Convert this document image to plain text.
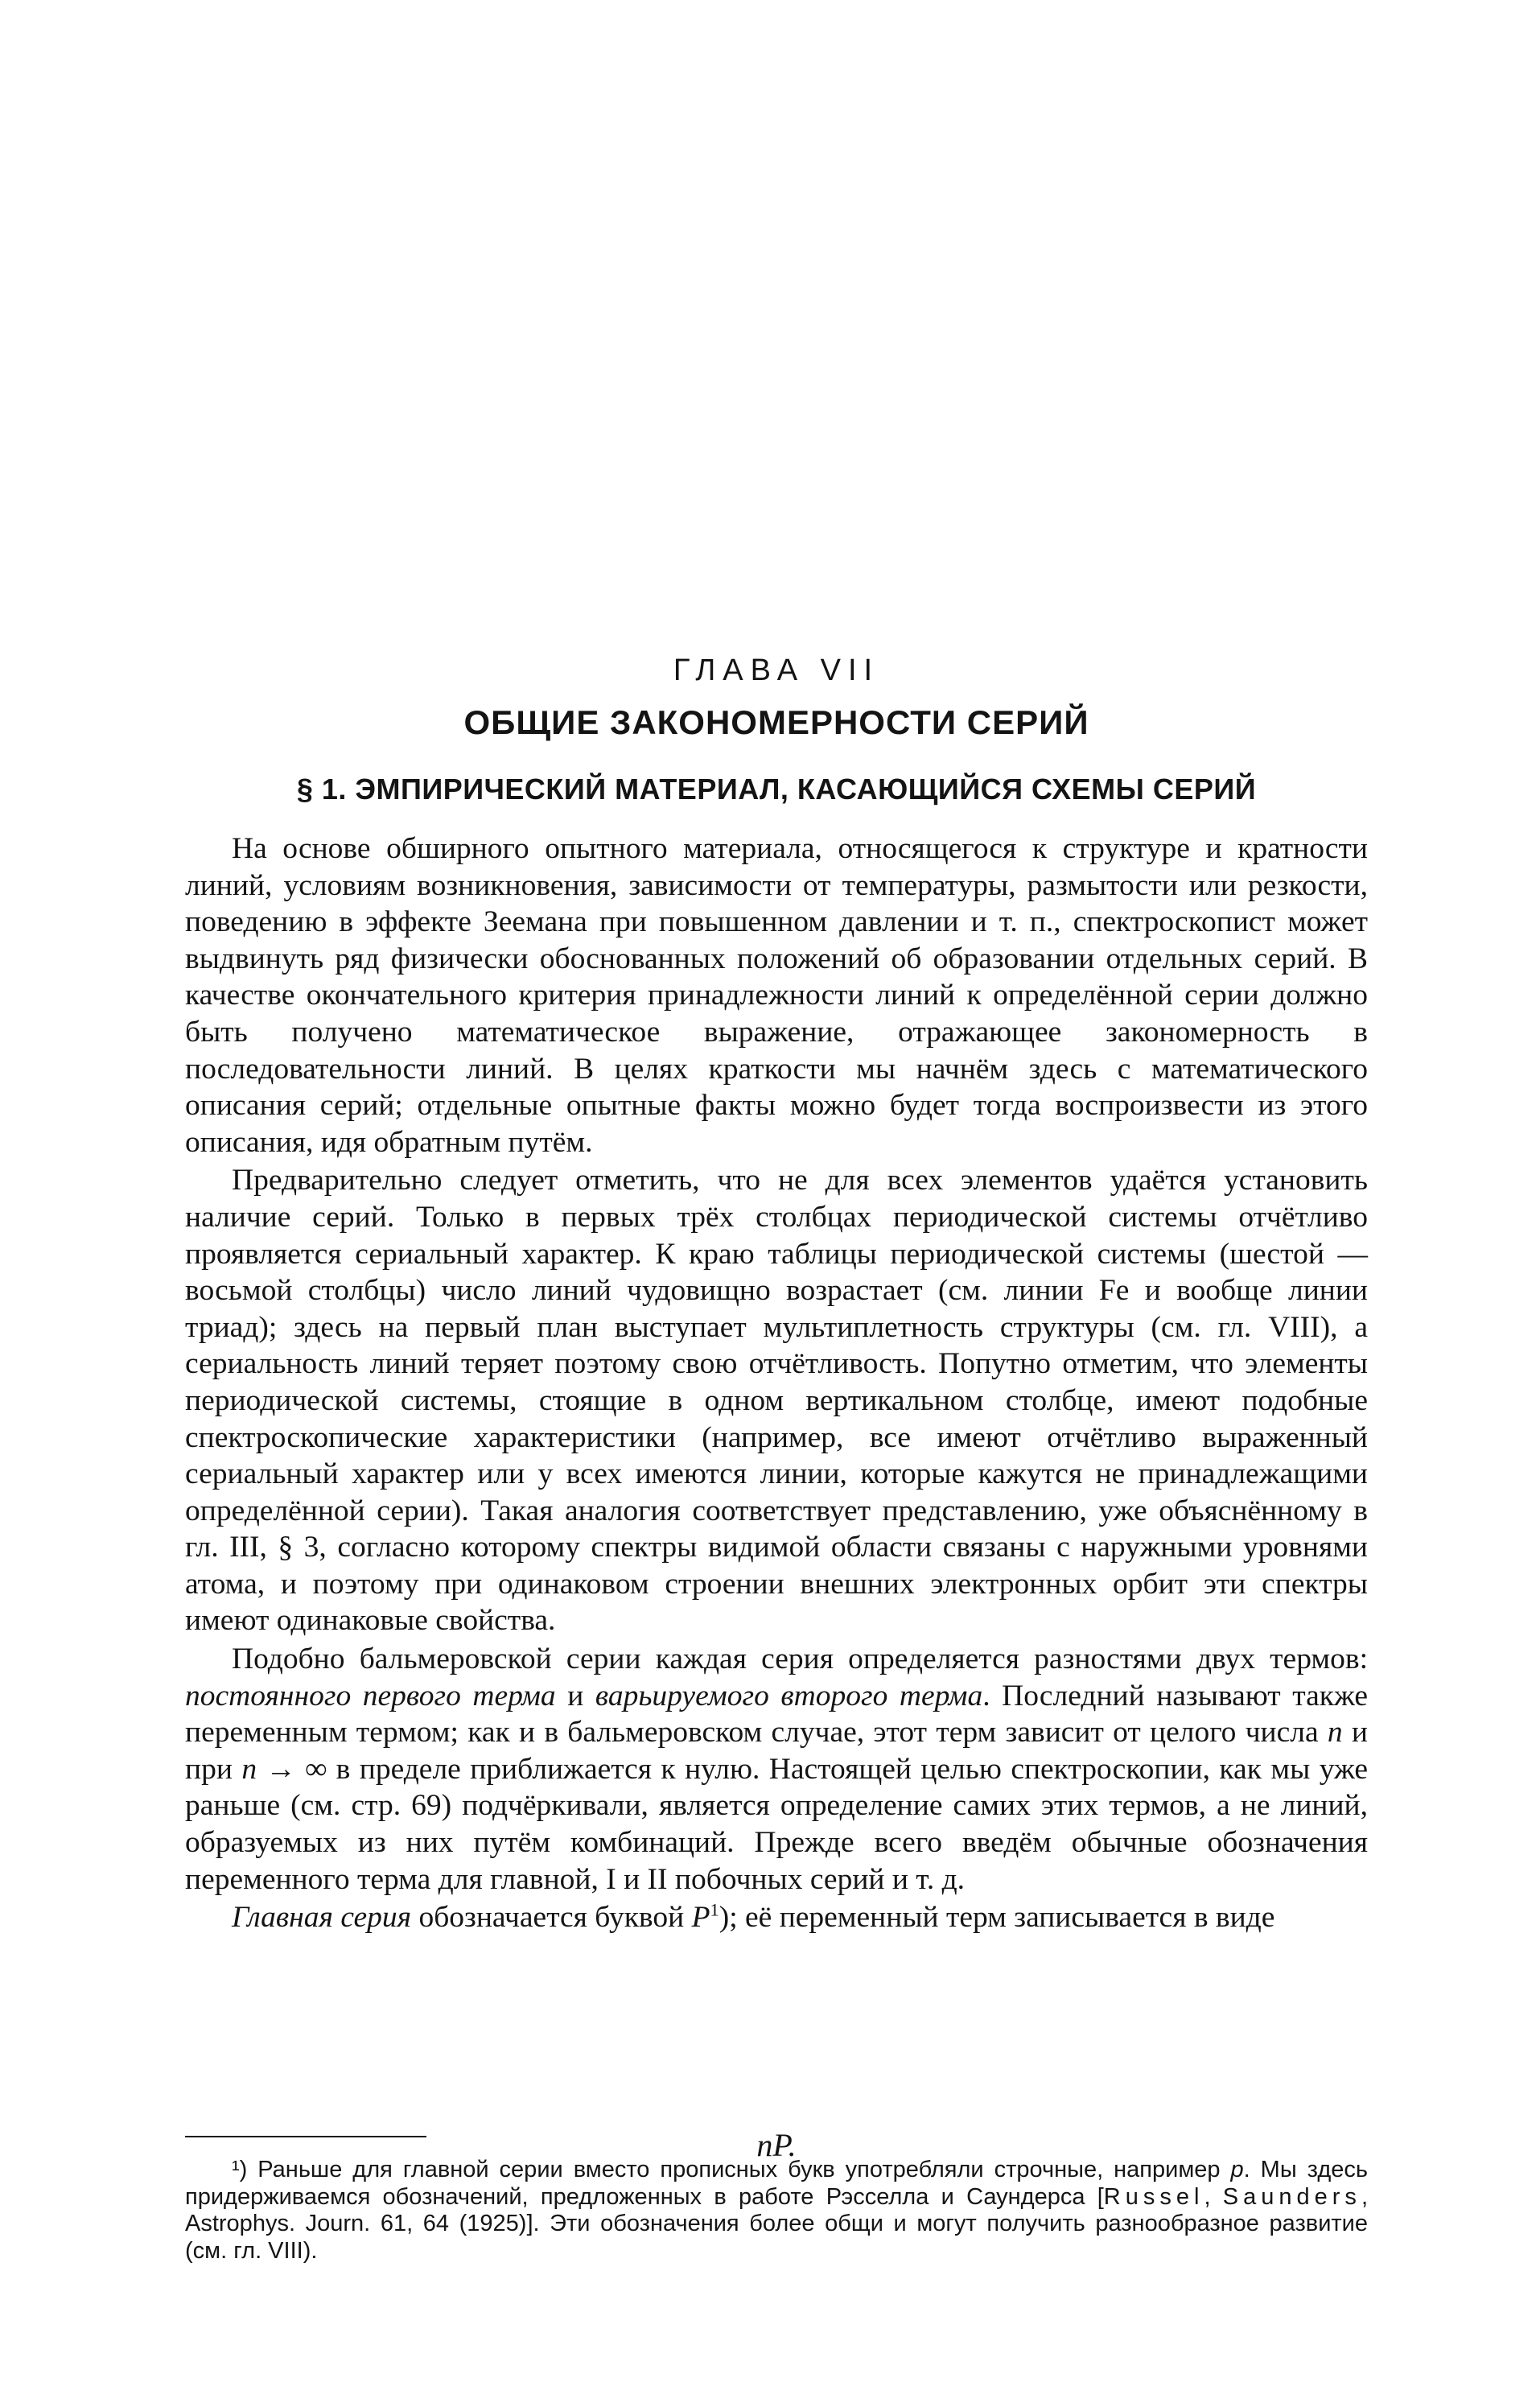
ГЛАВА VII
ОБЩИЕ ЗАКОНОМЕРНОСТИ СЕРИЙ
§ 1. ЭМПИРИЧЕСКИЙ МАТЕРИАЛ, КАСАЮЩИЙСЯ СХЕМЫ СЕРИЙ

На основе обширного опытного материала, относящегося к структуре и кратности линий, условиям возникновения, зависимости от температуры, размытости или резкости, поведению в эффекте Зеемана при повышенном давлении и т. п., спектроскопист может выдвинуть ряд физически обоснованных положений об образовании отдельных серий. В качестве окончательного критерия принадлежности линий к определённой серии должно быть получено математическое выражение, отражающее закономерность в последовательности линий. В целях краткости мы начнём здесь с математического описания серий; отдельные опытные факты можно будет тогда воспроизвести из этого описания, идя обратным путём.

Предварительно следует отметить, что не для всех элементов удаётся установить наличие серий. Только в первых трёх столбцах периодической системы отчётливо проявляется сериальный характер. К краю таблицы периодической системы (шестой — восьмой столбцы) число линий чудовищно возрастает (см. линии Fe и вообще линии триад); здесь на первый план выступает мультиплетность структуры (см. гл. VIII), а сериальность линий теряет поэтому свою отчётливость. Попутно отметим, что элементы периодической системы, стоящие в одном вертикальном столбце, имеют подобные спектроскопические характеристики (например, все имеют отчётливо выраженный сериальный характер или у всех имеются линии, которые кажутся не принадлежащими определённой серии). Такая аналогия соответствует представлению, уже объяснённому в гл. III, § 3, согласно которому спектры видимой области связаны с наружными уровнями атома, и поэтому при одинаковом строении внешних электронных орбит эти спектры имеют одинаковые свойства.

Подобно бальмеровской серии каждая серия определяется разностями двух термов: постоянного первого терма и варьируемого второго терма. Последний называют также переменным термом; как и в бальмеровском случае, этот терм зависит от целого числа n и при n → ∞ в пределе приближается к нулю. Настоящей целью спектроскопии, как мы уже раньше (см. стр. 69) подчёркивали, является определение самих этих термов, а не линий, образуемых из них путём комбинаций. Прежде всего введём обычные обозначения переменного терма для главной, I и II побочных серий и т. д.

Главная серия обозначается буквой $P^1$); её переменный терм записывается в виде

nP.
¹) Раньше для главной серии вместо прописных букв употребляли строчные, например p. Мы здесь придерживаемся обозначений, предложенных в работе Рэсселла и Саундерса [Russel, Saunders, Astrophys. Journ. 61, 64 (1925)]. Эти обозначения более общи и могут получить разнообразное развитие (см. гл. VIII).
